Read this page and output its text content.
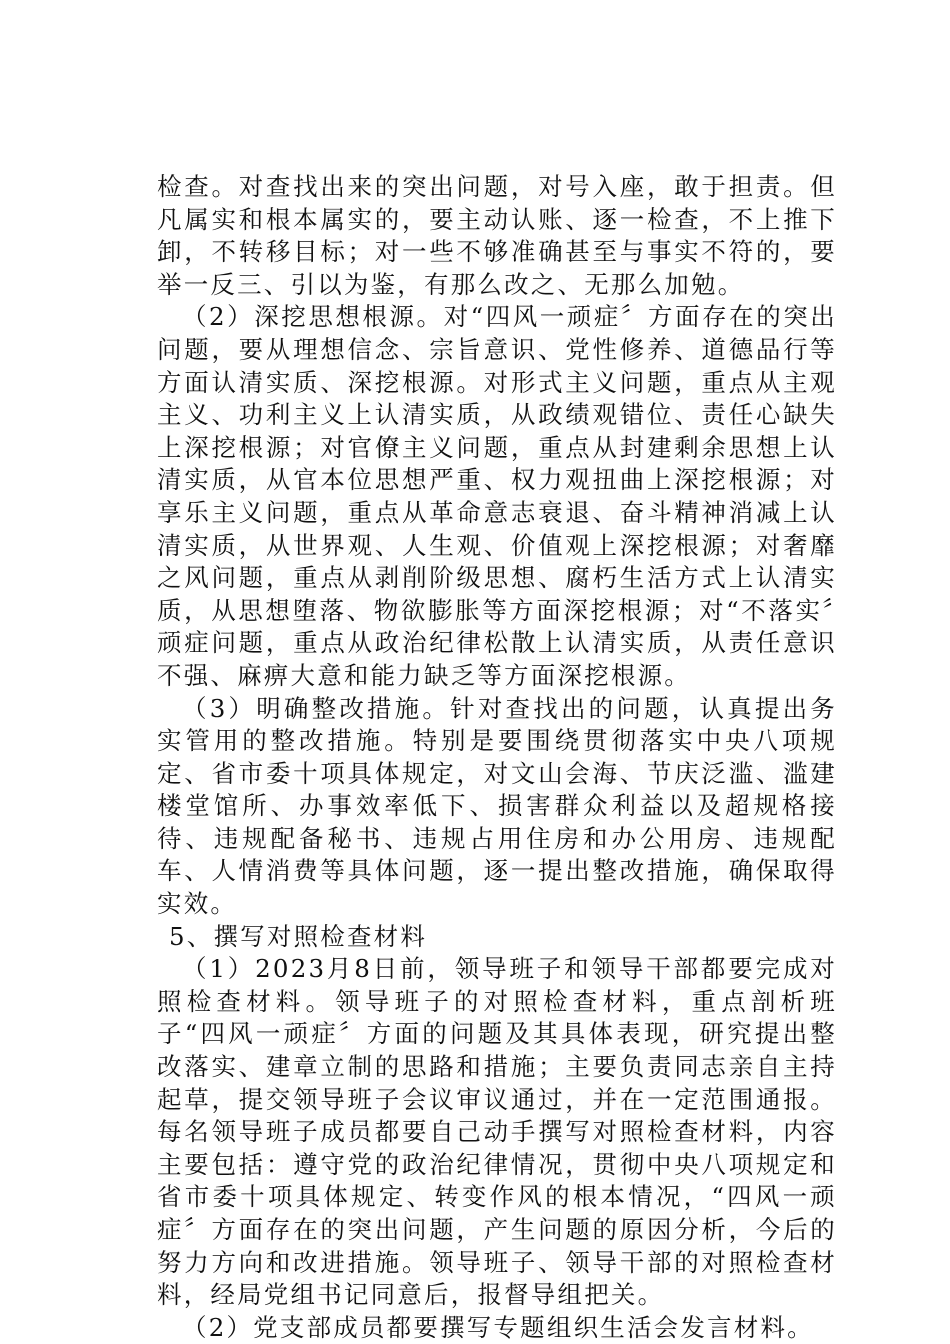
检查。对查找出来的突出问题，对号入座，敢于担责。但凡属实和根本属实的，要主动认账、逐一检查，不上推下卸，不转移目标；对一些不够准确甚至与事实不符的，要举一反三、引以为鉴，有那么改之、无那么加勉。

（2）深挖思想根源。对“四风一顽症〞方面存在的突出问题，要从理想信念、宗旨意识、党性修养、道德品行等方面认清实质、深挖根源。对形式主义问题，重点从主观主义、功利主义上认清实质，从政绩观错位、责任心缺失上深挖根源；对官僚主义问题，重点从封建剩余思想上认清实质，从官本位思想严重、权力观扭曲上深挖根源；对享乐主义问题，重点从革命意志衰退、奋斗精神消减上认清实质，从世界观、人生观、价值观上深挖根源；对奢靡之风问题，重点从剥削阶级思想、腐朽生活方式上认清实质，从思想堕落、物欲膨胀等方面深挖根源；对“不落实〞顽症问题，重点从政治纪律松散上认清实质，从责任意识不强、麻痹大意和能力缺乏等方面深挖根源。

（3）明确整改措施。针对查找出的问题，认真提出务实管用的整改措施。特别是要围绕贯彻落实中央八项规定、省市委十项具体规定，对文山会海、节庆泛滥、滥建楼堂馆所、办事效率低下、损害群众利益以及超规格接待、违规配备秘书、违规占用住房和办公用房、违规配车、人情消费等具体问题，逐一提出整改措施，确保取得实效。

5、撰写对照检查材料

（1）2023月8日前，领导班子和领导干部都要完成对照检查材料。领导班子的对照检查材料，重点剖析班子“四风一顽症〞方面的问题及其具体表现，研究提出整改落实、建章立制的思路和措施；主要负责同志亲自主持起草，提交领导班子会议审议通过，并在一定范围通报。每名领导班子成员都要自己动手撰写对照检查材料，内容主要包括：遵守党的政治纪律情况，贯彻中央八项规定和省市委十项具体规定、转变作风的根本情况，“四风一顽症〞方面存在的突出问题，产生问题的原因分析，今后的努力方向和改进措施。领导班子、领导干部的对照检查材料，经局党组书记同意后，报督导组把关。

（2）党支部成员都要撰写专题组织生活会发言材料。
